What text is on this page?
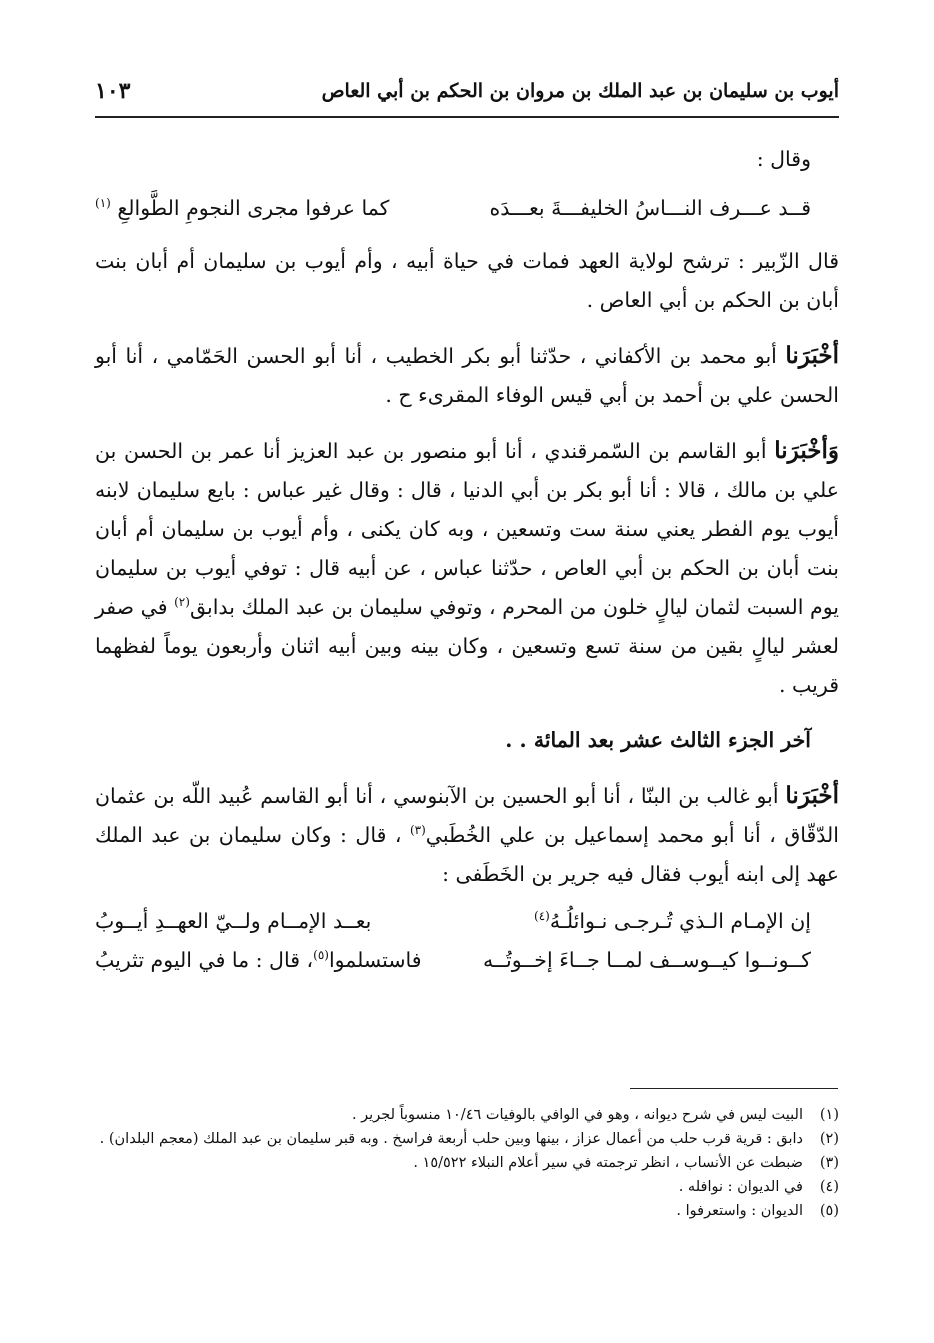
أيوب بن سليمان بن عبد الملك بن مروان بن الحكم بن أبي العاص
١٠٣

وقال :

قــد عـــرف النـــاسُ الخليفـــةَ بعـــدَه
كما عرفوا مجرى النجومِ الطَّوالعِ $^{(١)}$

قال الزّبير : ترشح لولاية العهد فمات في حياة أبيه ، وأم أيوب بن سليمان أم أبان بنت أبان بن الحكم بن أبي العاص .

أخْبَرَنا أبو محمد بن الأكفاني ، حدّثنا أبو بكر الخطيب ، أنا أبو الحسن الحَمّامي ، أنا أبو الحسن علي بن أحمد بن أبي قيس الوفاء المقرىء ح .

وَأخْبَرَنا أبو القاسم بن السّمرقندي ، أنا أبو منصور بن عبد العزيز أنا عمر بن الحسن بن علي بن مالك ، قالا : أنا أبو بكر بن أبي الدنيا ، قال : وقال غير عباس : بايع سليمان لابنه أيوب يوم الفطر يعني سنة ست وتسعين ، وبه كان يكنى ، وأم أيوب بن سليمان أم أبان بنت أبان بن الحكم بن أبي العاص ، حدّثنا عباس ، عن أبيه قال : توفي أيوب بن سليمان يوم السبت لثمان ليالٍ خلون من المحرم ، وتوفي سليمان بن عبد الملك بدابق$^{(٢)}$ في صفر لعشر ليالٍ بقين من سنة تسع وتسعين ، وكان بينه وبين أبيه اثنان وأربعون يوماً لفظهما قريب .

آخر الجزء الثالث عشر بعد المائة . .

أخْبَرَنا أبو غالب بن البنّا ، أنا أبو الحسين بن الآبنوسي ، أنا أبو القاسم عُبيد اللّه بن عثمان الدّقّاق ، أنا أبو محمد إسماعيل بن علي الخُطَبي$^{(٣)}$ ، قال : وكان سليمان بن عبد الملك عهد إلى ابنه أيوب فقال فيه جرير بن الخَطَفى :

إن الإمـام الـذي تُـرجـى نـوائلُـهُ$^{(٤)}$
بعــد الإمــام ولــيّ العهــدِ أيــوبُ
كــونــوا كيــوســف لمــا جــاءَ إخــوتُــه
فاستسلموا$^{(٥)}$، قال : ما في اليوم تثريبُ
(١)
البيت ليس في شرح ديوانه ، وهو في الوافي بالوفيات ١٠/٤٦ منسوباً لجرير .
(٢)
دابق : قرية قرب حلب من أعمال عزاز ، بينها وبين حلب أربعة فراسخ . وبه قبر سليمان بن عبد الملك (معجم البلدان) .
(٣)
ضبطت عن الأنساب ، انظر ترجمته في سير أعلام النبلاء ١٥/٥٢٢ .
(٤)
في الديوان : نوافله .
(٥)
الديوان : واستعرفوا .
